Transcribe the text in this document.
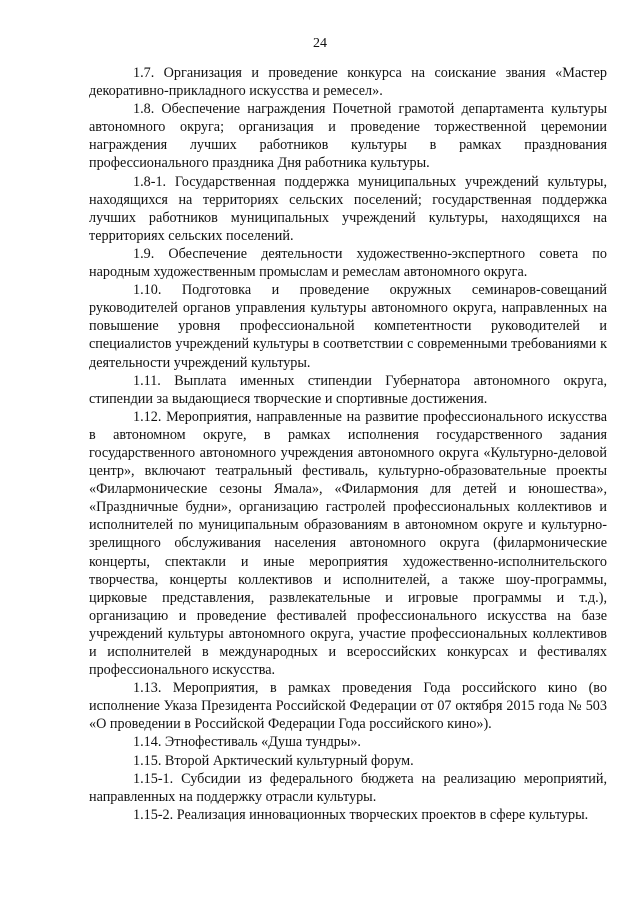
24

1.7. Организация и проведение конкурса на соискание звания «Мастер декоративно-прикладного искусства и ремесел».

1.8. Обеспечение награждения Почетной грамотой департамента культуры автономного округа; организация и проведение торжественной церемонии награждения лучших работников культуры в рамках празднования профессионального праздника Дня работника культуры.

1.8-1. Государственная поддержка муниципальных учреждений культуры, находящихся на территориях сельских поселений; государственная поддержка лучших работников муниципальных учреждений культуры, находящихся на территориях сельских поселений.

1.9. Обеспечение деятельности художественно-экспертного совета по народным художественным промыслам и ремеслам автономного округа.

1.10. Подготовка и проведение окружных семинаров-совещаний руководителей органов управления культуры автономного округа, направленных на повышение уровня профессиональной компетентности руководителей и специалистов учреждений культуры в соответствии с современными требованиями к деятельности учреждений культуры.

1.11. Выплата именных стипендии Губернатора автономного округа, стипендии за выдающиеся творческие и спортивные достижения.

1.12. Мероприятия, направленные на развитие профессионального искусства в автономном округе, в рамках исполнения государственного задания государственного автономного учреждения автономного округа «Культурно-деловой центр», включают театральный фестиваль, культурно-образовательные проекты «Филармонические сезоны Ямала», «Филармония для детей и юношества», «Праздничные будни», организацию гастролей профессиональных коллективов и исполнителей по муниципальным образованиям в автономном округе и культурно-зрелищного обслуживания населения автономного округа (филармонические концерты, спектакли и иные мероприятия художественно-исполнительского творчества, концерты коллективов и исполнителей, а также шоу-программы, цирковые представления, развлекательные и игровые программы и т.д.), организацию и проведение фестивалей профессионального искусства на базе учреждений культуры автономного округа, участие профессиональных коллективов и исполнителей в международных и всероссийских конкурсах и фестивалях профессионального искусства.

1.13. Мероприятия, в рамках проведения Года российского кино (во исполнение Указа Президента Российской Федерации от 07 октября 2015 года № 503 «О проведении в Российской Федерации Года российского кино»).

1.14. Этнофестиваль «Душа тундры».

1.15. Второй Арктический культурный форум.

1.15-1. Субсидии из федерального бюджета на реализацию мероприятий, направленных на поддержку отрасли культуры.

1.15-2. Реализация инновационных творческих проектов в сфере культуры.
